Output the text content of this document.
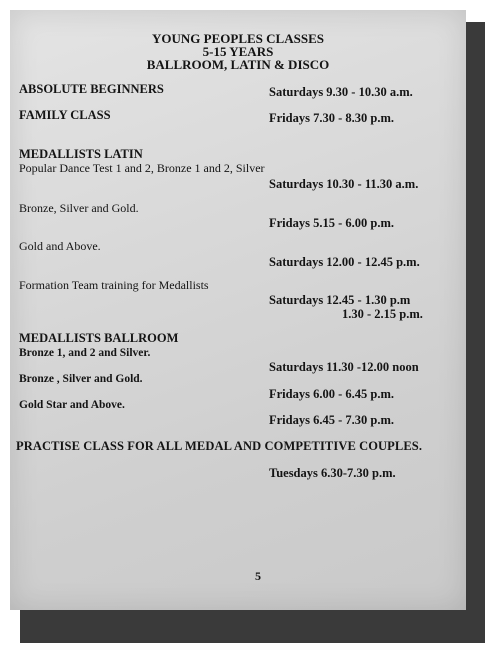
YOUNG PEOPLES CLASSES

5-15 YEARS

BALLROOM, LATIN & DISCO

ABSOLUTE BEGINNERS	Saturdays 9.30 - 10.30 a.m.

FAMILY CLASS	Fridays 7.30 - 8.30 p.m.

MEDALLISTS LATIN

Popular Dance Test 1 and 2, Bronze 1 and 2, Silver

Saturdays 10.30 - 11.30 a.m.

Bronze, Silver and Gold.

Fridays 5.15 - 6.00 p.m.

Gold and Above.

Saturdays 12.00 - 12.45 p.m.

Formation Team training for Medallists

Saturdays 12.45 - 1.30 p.m

1.30 - 2.15 p.m.

MEDALLISTS BALLROOM

Bronze 1, and 2 and Silver.

Saturdays 11.30 -12.00 noon

Bronze , Silver and Gold.

Fridays 6.00 - 6.45 p.m.

Gold Star and Above.

Fridays 6.45 - 7.30 p.m.

PRACTISE CLASS FOR ALL MEDAL AND COMPETITIVE COUPLES.

Tuesdays 6.30-7.30 p.m.

5
